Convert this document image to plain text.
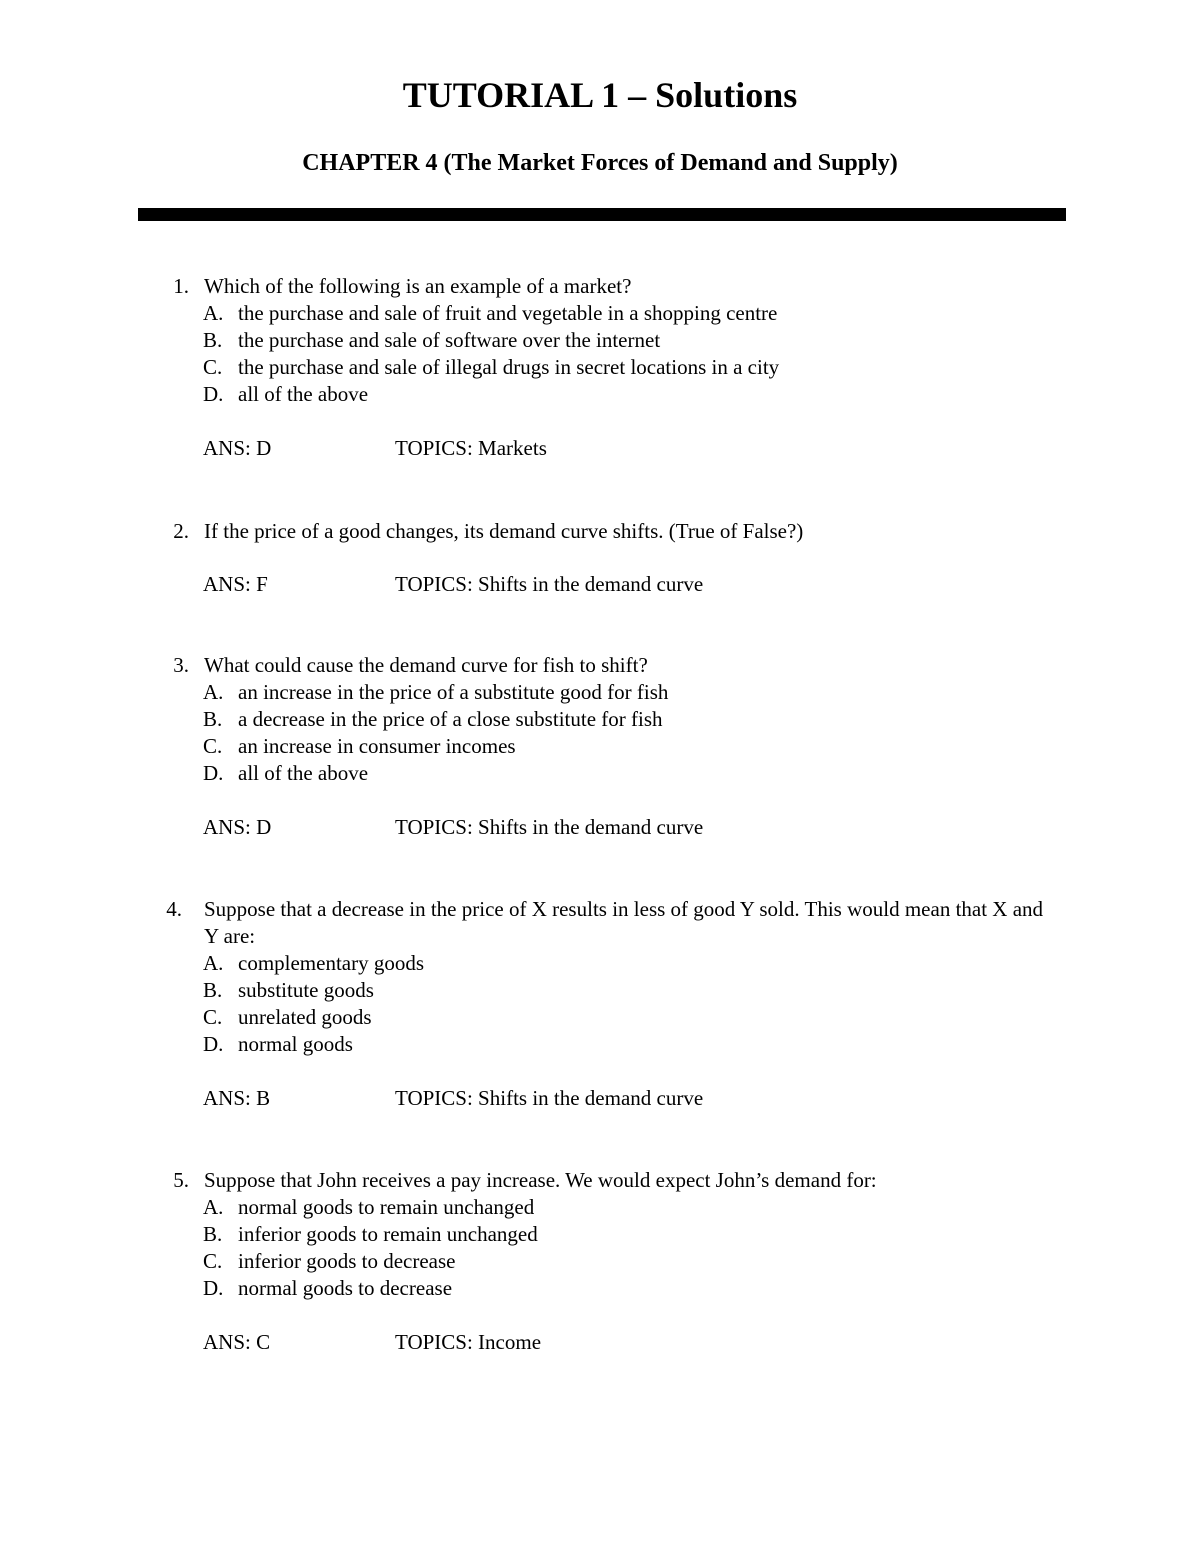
TUTORIAL 1 – Solutions
CHAPTER 4 (The Market Forces of Demand and Supply)
1. Which of the following is an example of a market?
A. the purchase and sale of fruit and vegetable in a shopping centre
B. the purchase and sale of software over the internet
C. the purchase and sale of illegal drugs in secret locations in a city
D. all of the above
ANS: D	TOPICS: Markets
2. If the price of a good changes, its demand curve shifts. (True of False?)
ANS: F	TOPICS: Shifts in the demand curve
3. What could cause the demand curve for fish to shift?
A. an increase in the price of a substitute good for fish
B. a decrease in the price of a close substitute for fish
C. an increase in consumer incomes
D. all of the above
ANS: D	TOPICS: Shifts in the demand curve
4. Suppose that a decrease in the price of X results in less of good Y sold. This would mean that X and Y are:
A. complementary goods
B. substitute goods
C. unrelated goods
D. normal goods
ANS: B	TOPICS: Shifts in the demand curve
5. Suppose that John receives a pay increase. We would expect John’s demand for:
A. normal goods to remain unchanged
B. inferior goods to remain unchanged
C. inferior goods to decrease
D. normal goods to decrease
ANS: C	TOPICS: Income
